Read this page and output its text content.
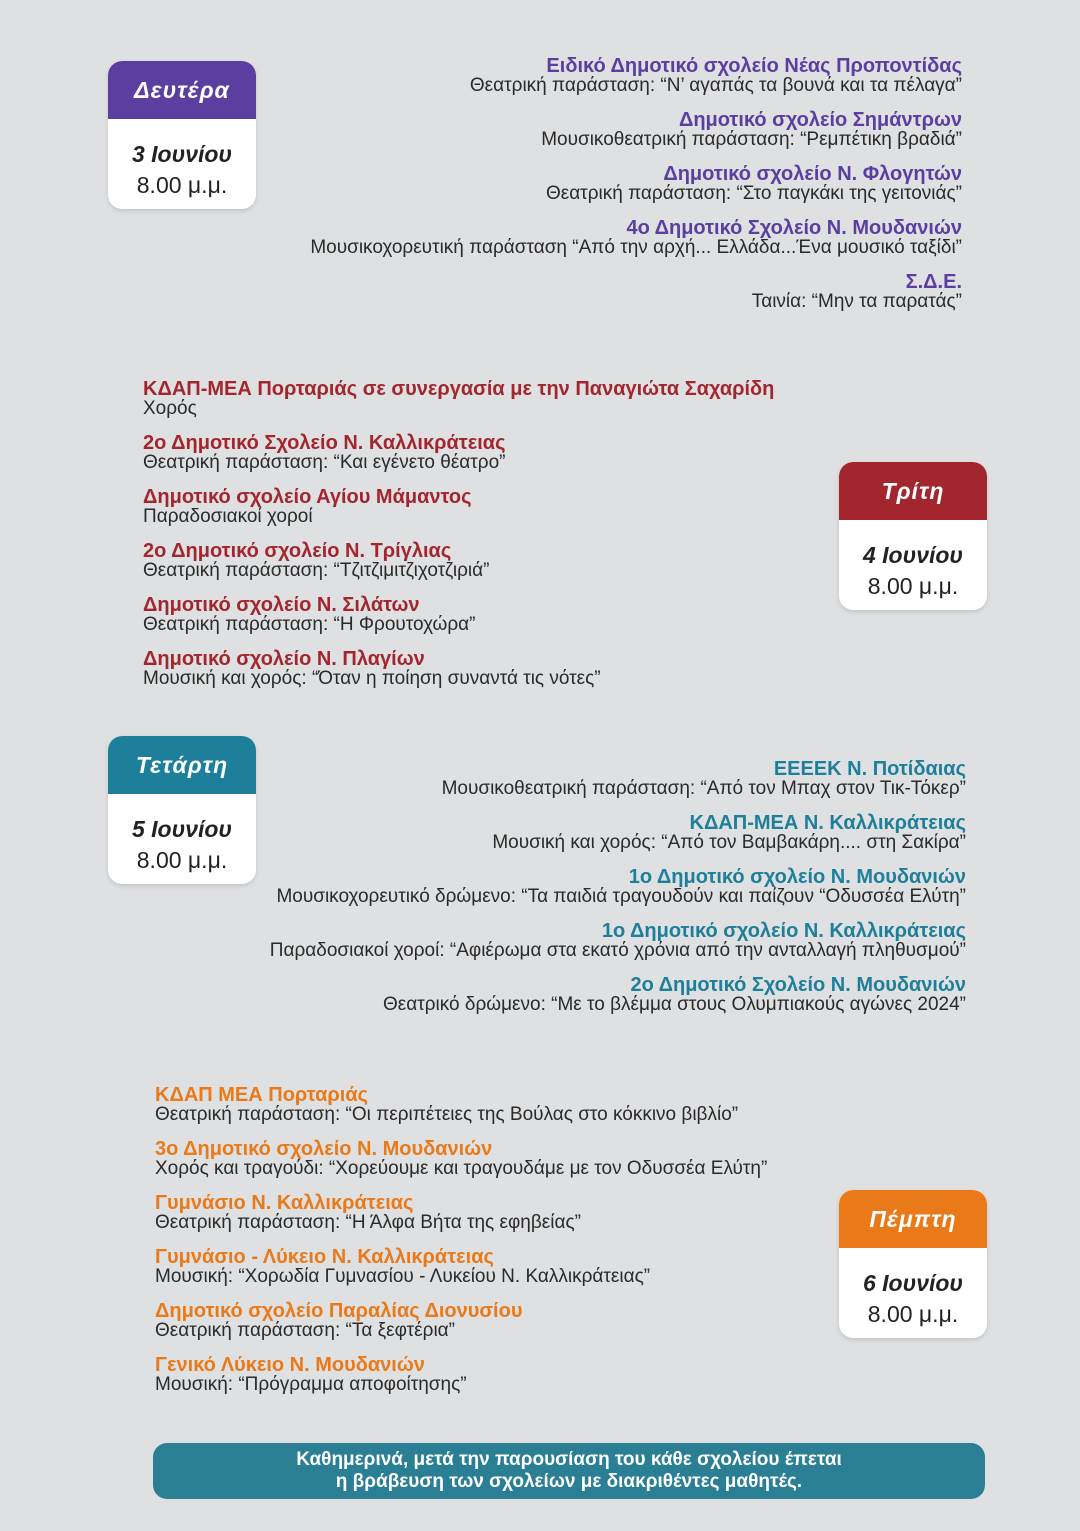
Δευτέρα
3 Ιουνίου
8.00 μ.μ.
Ειδικό Δημοτικό σχολείο Νέας Προποντίδας
Θεατρική παράσταση: “Ν’ αγαπάς τα βουνά και τα πέλαγα”
Δημοτικό σχολείο Σημάντρων
Μουσικοθεατρική παράσταση: “Ρεμπέτικη βραδιά”
Δημοτικό σχολείο Ν. Φλογητών
Θεατρική παράσταση: “Στο παγκάκι της γειτονιάς”
4ο Δημοτικό Σχολείο Ν. Μουδανιών
Μουσικοχορευτική παράσταση “Από την αρχή... Ελλάδα...Ένα μουσικό ταξίδι”
Σ.Δ.Ε.
Ταινία: “Μην τα παρατάς”
ΚΔΑΠ-ΜΕΑ Πορταριάς σε συνεργασία με την Παναγιώτα Σαχαρίδη
Χορός
2ο Δημοτικό Σχολείο Ν. Καλλικράτειας
Θεατρική παράσταση: “Και εγένετο θέατρο”
Δημοτικό σχολείο Αγίου Μάμαντος
Παραδοσιακοί χοροί
2ο Δημοτικό σχολείο Ν. Τρίγλιας
Θεατρική παράσταση: “Τζιτζιμιτζιχοτζιριά”
Δημοτικό σχολείο Ν. Σιλάτων
Θεατρική παράσταση: “Η Φρουτοχώρα”
Δημοτικό σχολείο Ν. Πλαγίων
Μουσική και χορός: “Όταν η ποίηση συναντά τις νότες”
Τρίτη
4 Ιουνίου
8.00 μ.μ.
Τετάρτη
5 Ιουνίου
8.00 μ.μ.
ΕΕΕΕΚ Ν. Ποτίδαιας
Μουσικοθεατρική παράσταση: “Από τον Μπαχ στον Τικ-Τόκερ”
ΚΔΑΠ-ΜΕΑ Ν. Καλλικράτειας
Μουσική και χορός: “Από τον Βαμβακάρη.... στη Σακίρα”
1ο Δημοτικό σχολείο Ν. Μουδανιών
Μουσικοχορευτικό δρώμενο: “Τα παιδιά τραγουδούν και παίζουν “Οδυσσέα Ελύτη”
1ο Δημοτικό σχολείο Ν. Καλλικράτειας
Παραδοσιακοί χοροί: “Αφιέρωμα στα εκατό χρόνια από την ανταλλαγή πληθυσμού”
2ο Δημοτικό Σχολείο Ν. Μουδανιών
Θεατρικό δρώμενο: “Με το βλέμμα στους Ολυμπιακούς αγώνες 2024”
ΚΔΑΠ ΜΕΑ Πορταριάς
Θεατρική παράσταση: “Οι περιπέτειες της Βούλας στο κόκκινο βιβλίο”
3ο Δημοτικό σχολείο Ν. Μουδανιών
Χορός και τραγούδι: “Χορεύουμε και τραγουδάμε με τον Οδυσσέα Ελύτη”
Γυμνάσιο Ν. Καλλικράτειας
Θεατρική παράσταση: “Η Άλφα Βήτα της εφηβείας”
Γυμνάσιο - Λύκειο Ν. Καλλικράτειας
Μουσική: “Χορωδία Γυμνασίου - Λυκείου Ν. Καλλικράτειας”
Δημοτικό σχολείο Παραλίας Διονυσίου
Θεατρική παράσταση: “Τα ξεφτέρια”
Γενικό Λύκειο Ν. Μουδανιών
Μουσική: “Πρόγραμμα αποφοίτησης”
Πέμπτη
6 Ιουνίου
8.00 μ.μ.
Καθημερινά, μετά την παρουσίαση του κάθε σχολείου έπεται
η βράβευση των σχολείων με διακριθέντες μαθητές.
